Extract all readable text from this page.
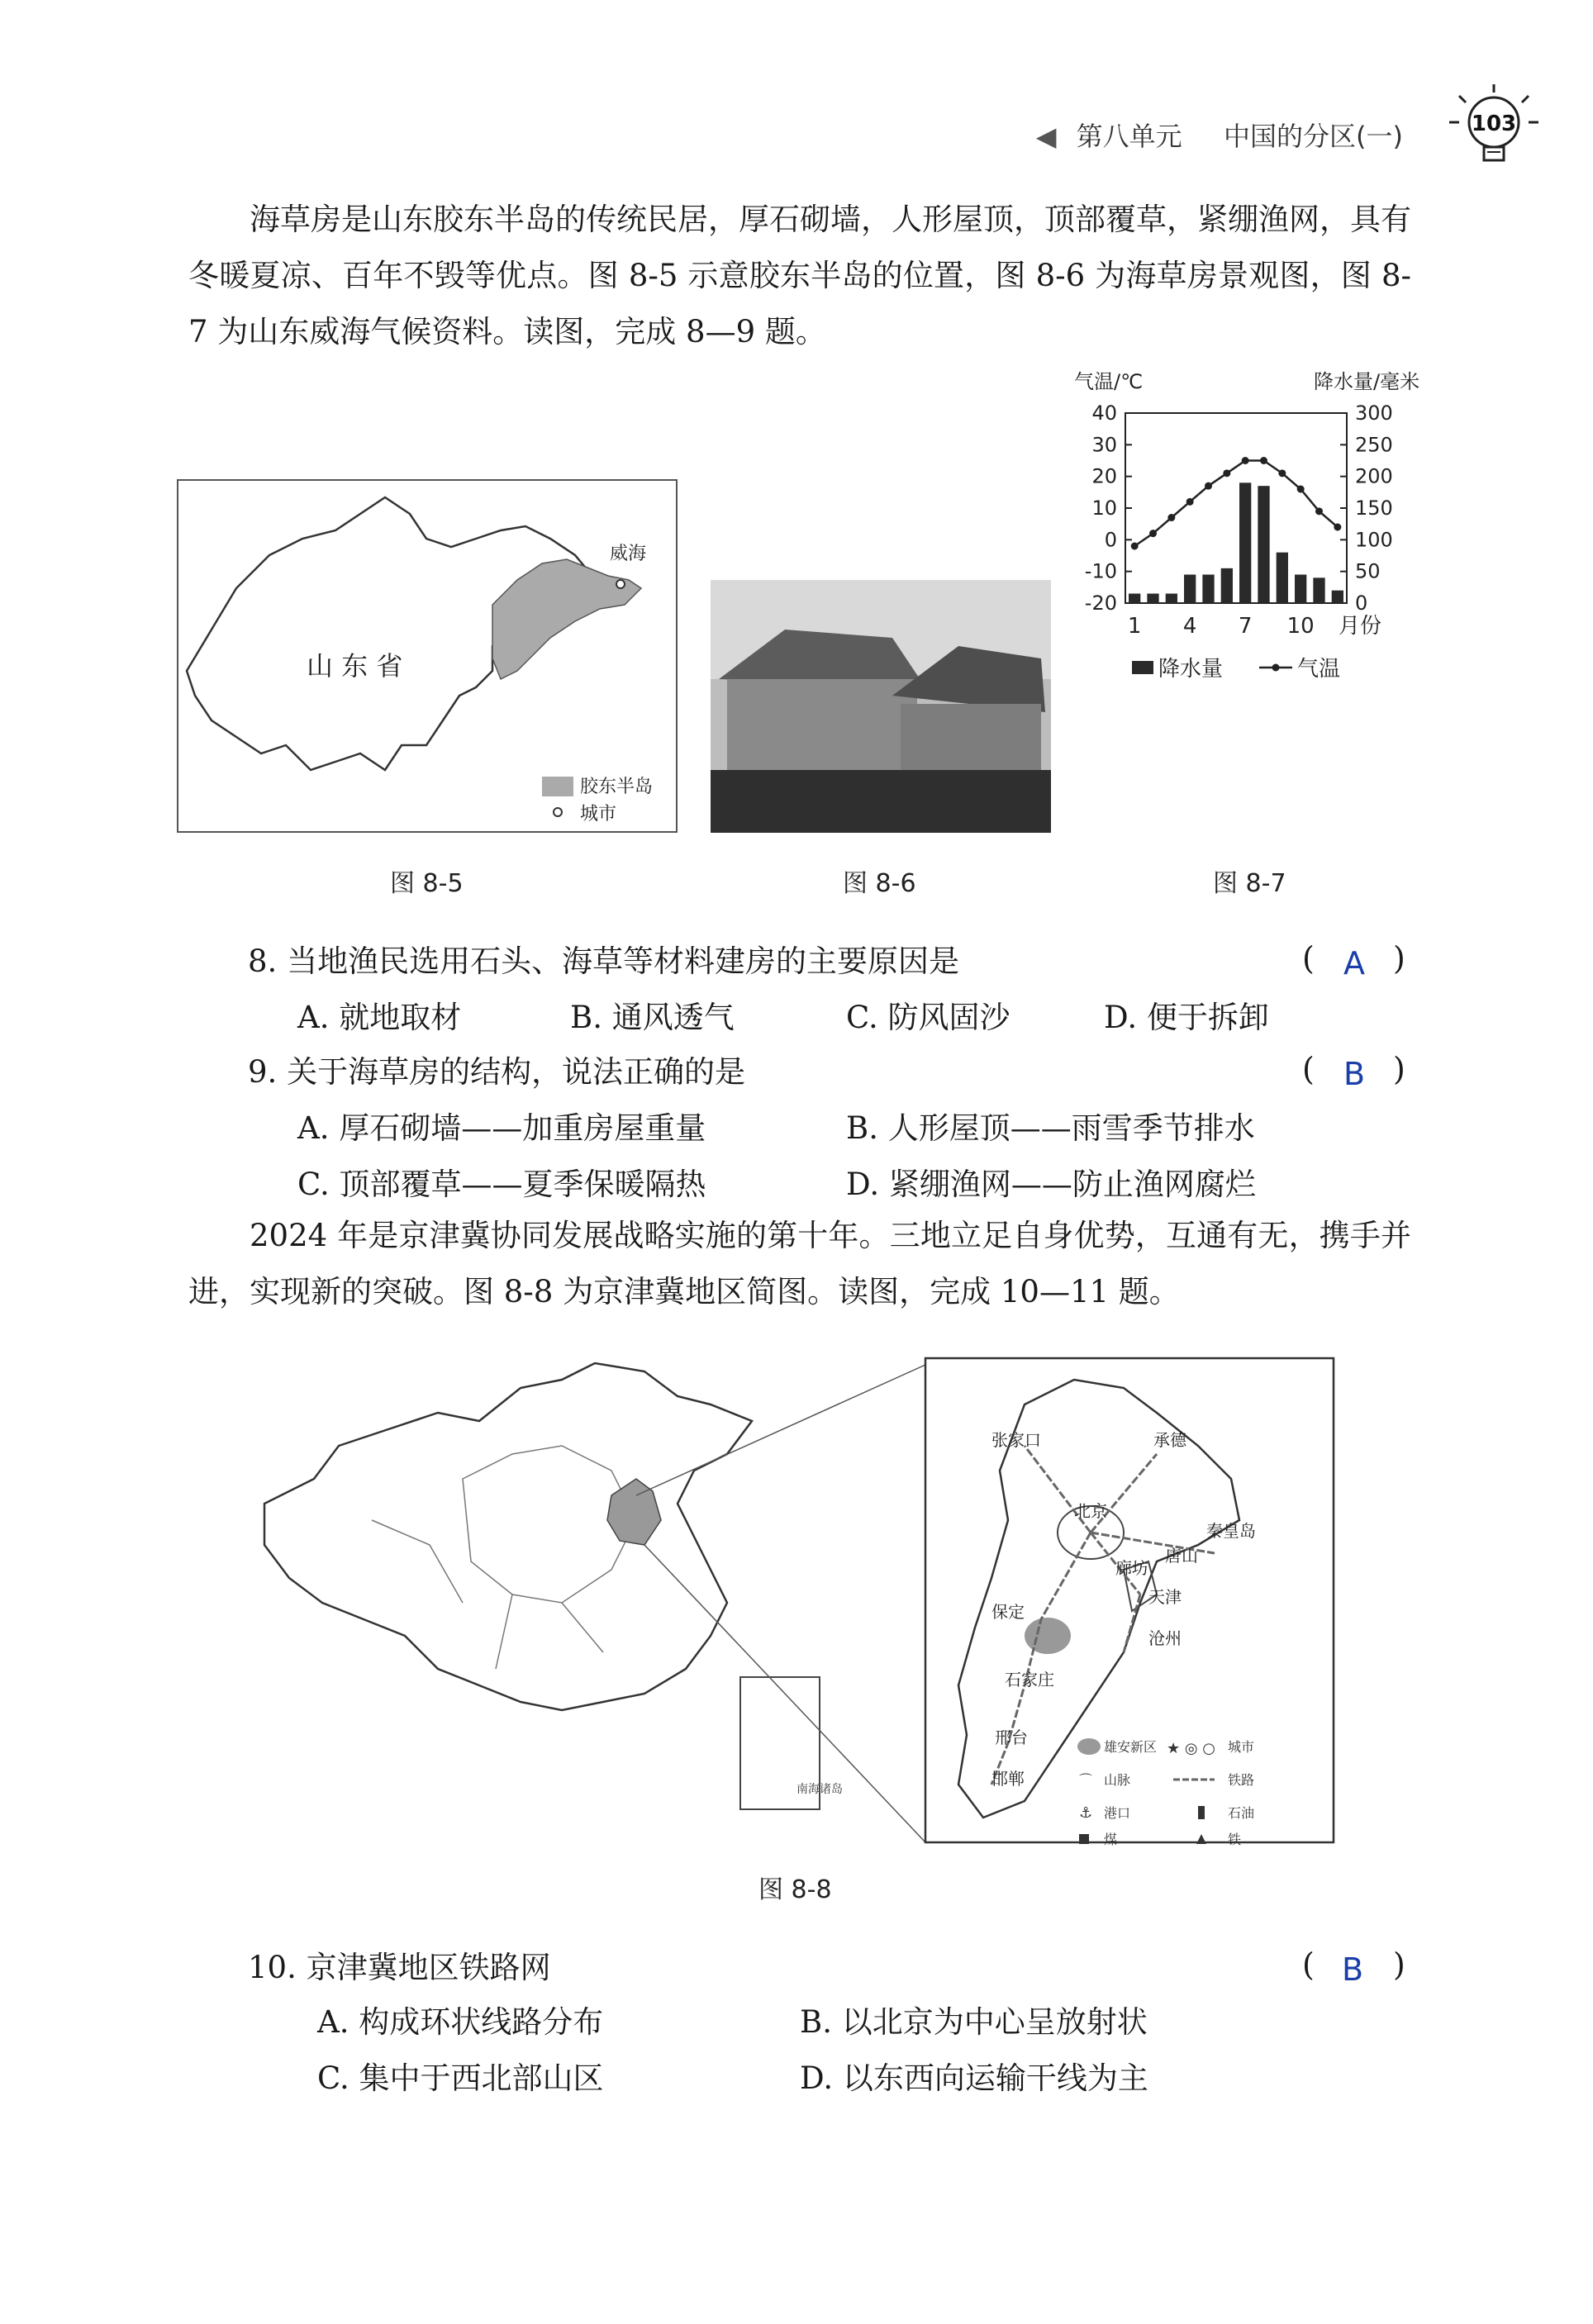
◀ 第八单元 中国的分区(一)	103
海草房是山东胶东半岛的传统民居，厚石砌墙，人形屋顶，顶部覆草，紧绷渔网，具有冬暖夏凉、百年不毁等优点。图 8-5 示意胶东半岛的位置，图 8-6 为海草房景观图，图 8-7 为山东威海气候资料。读图，完成 8—9 题。
威海
山 东 省
胶东半岛
城市
图 8-5	图 8-6
气温/℃	降水量/毫米
40
30
20
10
0
-10
-20
300
250
200
150
100
50
0
1 4 7 10 月份
降水量	气温
图 8-7
8. 当地渔民选用石头、海草等材料建房的主要原因是	( A )
A. 就地取材	B. 通风透气	C. 防风固沙	D. 便于拆卸
9. 关于海草房的结构，说法正确的是	( B )
A. 厚石砌墙——加重房屋重量	B. 人形屋顶——雨雪季节排水
C. 顶部覆草——夏季保暖隔热	D. 紧绷渔网——防止渔网腐烂
2024 年是京津冀协同发展战略实施的第十年。三地立足自身优势，互通有无，携手并进，实现新的突破。图 8-8 为京津冀地区简图。读图，完成 10—11 题。
南海诸岛
张家口	承德
北京
秦皇岛
廊坊
唐山
保定
天津
沧州
石家庄
邢台
邯郸
雄安新区 ★ ◎ ○ 城市
⌒ 山脉	铁路
⚓ 港口	石油
煤	铁
图 8-8
10. 京津冀地区铁路网	( B )
A. 构成环状线路分布	B. 以北京为中心呈放射状
C. 集中于西北部山区	D. 以东西向运输干线为主
